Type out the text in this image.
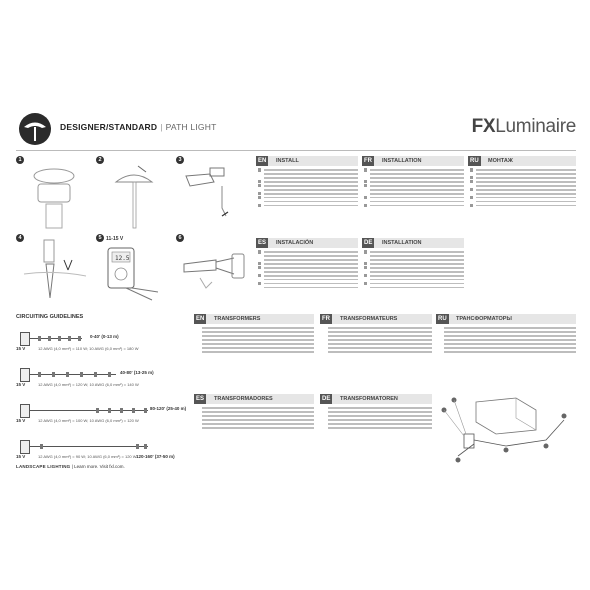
DESIGNER/STANDARD | PATH LIGHT	FXLuminaire
1	2	3
4
12.5
5 11-15 V	6
EN	INSTALL	FR	INSTALLATION	RU	МОНТАЖ
ES	INSTALACIÓN	DE	INSTALLATION
CIRCUITING GUIDELINES
15 V
0-40' (0-13 m)
12 AWG (4,0 mm²) = 110 W; 10 AWG (6,0 mm²) = 180 W
15 V
40-80' (13-25 m)
12 AWG (4,0 mm²) = 120 W; 10 AWG (6,0 mm²) = 140 W
15 V
80-120' (25-40 m)
12 AWG (4,0 mm²) = 100 W; 10 AWG (6,0 mm²) = 120 W
15 V	12 AWG (4,0 mm²) = 90 W; 10 AWG (6,0 mm²) = 120 W 120-160' (37-50 m)
EN	TRANSFORMERS	FR	TRANSFORMATEURS	RU	ТРАНСФОРМАТОРЫ
ES	TRANSFORMADORES	DE	TRANSFORMATOREN
LANDSCAPE LIGHTING | Learn more. Visit fxl.com.
